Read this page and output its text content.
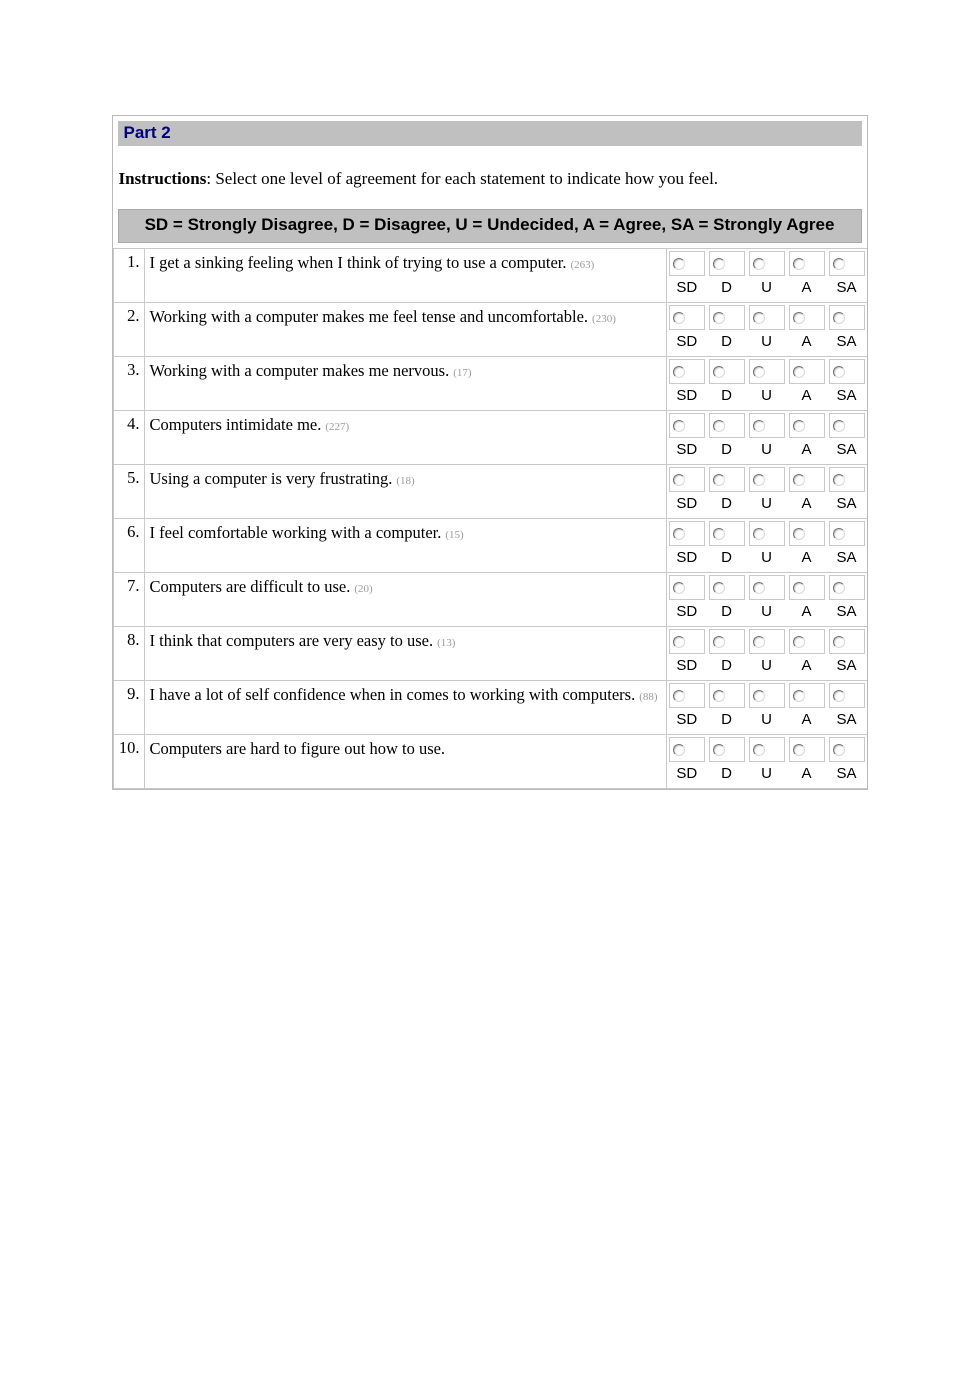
Part 2

Instructions: Select one level of agreement for each statement to indicate how you feel.

SD = Strongly Disagree, D = Disagree, U = Undecided, A = Agree, SA = Strongly Agree
1.	I get a sinking feeling when I think of trying to use a computer. (263)	SD	D	U	A	SA

2.	Working with a computer makes me feel tense and uncomfortable. (230)	SD	D	U	A	SA

3.	Working with a computer makes me nervous. (17)	SD	D	U	A	SA

4.	Computers intimidate me. (227)	SD	D	U	A	SA

5.	Using a computer is very frustrating. (18)	SD	D	U	A	SA

6.	I feel comfortable working with a computer. (15)	SD	D	U	A	SA

7.	Computers are difficult to use. (20)	SD	D	U	A	SA

8.	I think that computers are very easy to use. (13)	SD	D	U	A	SA

9.	I have a lot of self confidence when in comes to working with computers. (88)	SD	D	U	A	SA

10.	Computers are hard to figure out how to use.	SD	D	U	A	SA
